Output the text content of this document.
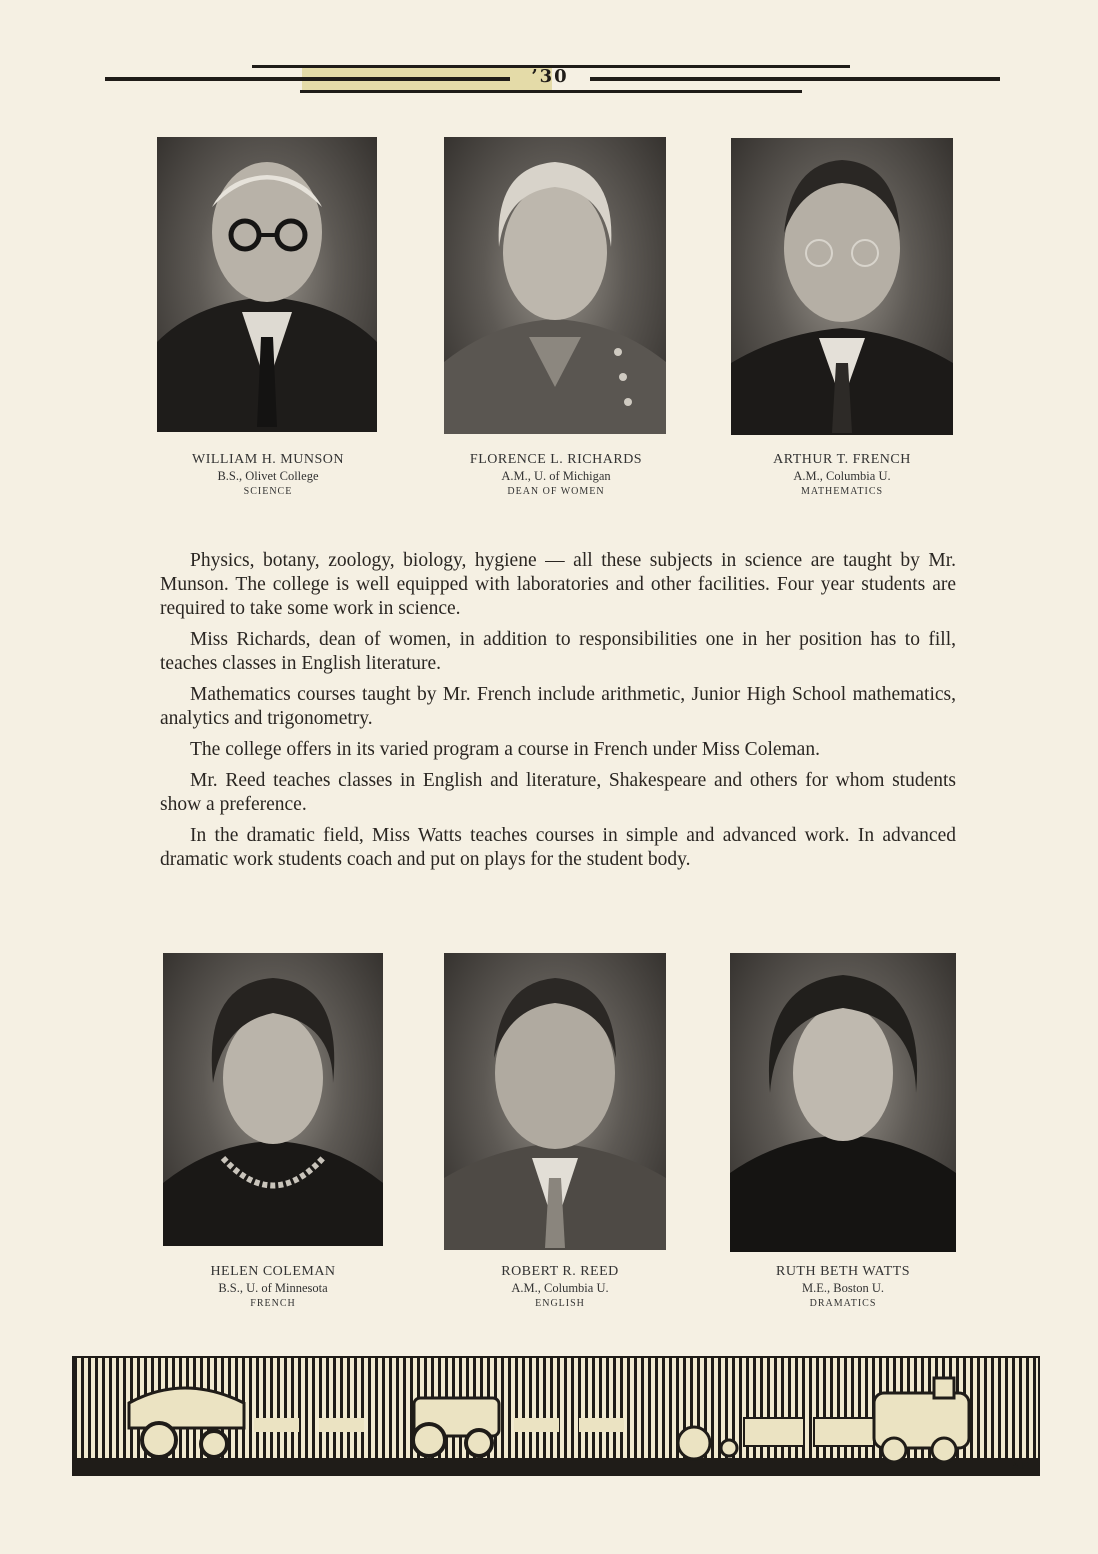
’30
WILLIAM H. MUNSON
B.S., Olivet College
SCIENCE
FLORENCE L. RICHARDS
A.M., U. of Michigan
DEAN OF WOMEN
ARTHUR T. FRENCH
A.M., Columbia U.
MATHEMATICS

Physics, botany, zoology, biology, hygiene — all these subjects in science are taught by Mr. Munson. The college is well equipped with laboratories and other facilities. Four year students are required to take some work in science.

Miss Richards, dean of women, in addition to responsibilities one in her position has to fill, teaches classes in English literature.

Mathematics courses taught by Mr. French include arithmetic, Junior High School mathematics, analytics and trigonometry.

The college offers in its varied program a course in French under Miss Coleman.

Mr. Reed teaches classes in English and literature, Shakespeare and others for whom students show a preference.

In the dramatic field, Miss Watts teaches courses in simple and advanced work. In advanced dramatic work students coach and put on plays for the student body.

HELEN COLEMAN
B.S., U. of Minnesota
FRENCH
ROBERT R. REED
A.M., Columbia U.
ENGLISH
RUTH BETH WATTS
M.E., Boston U.
DRAMATICS
A.P.
